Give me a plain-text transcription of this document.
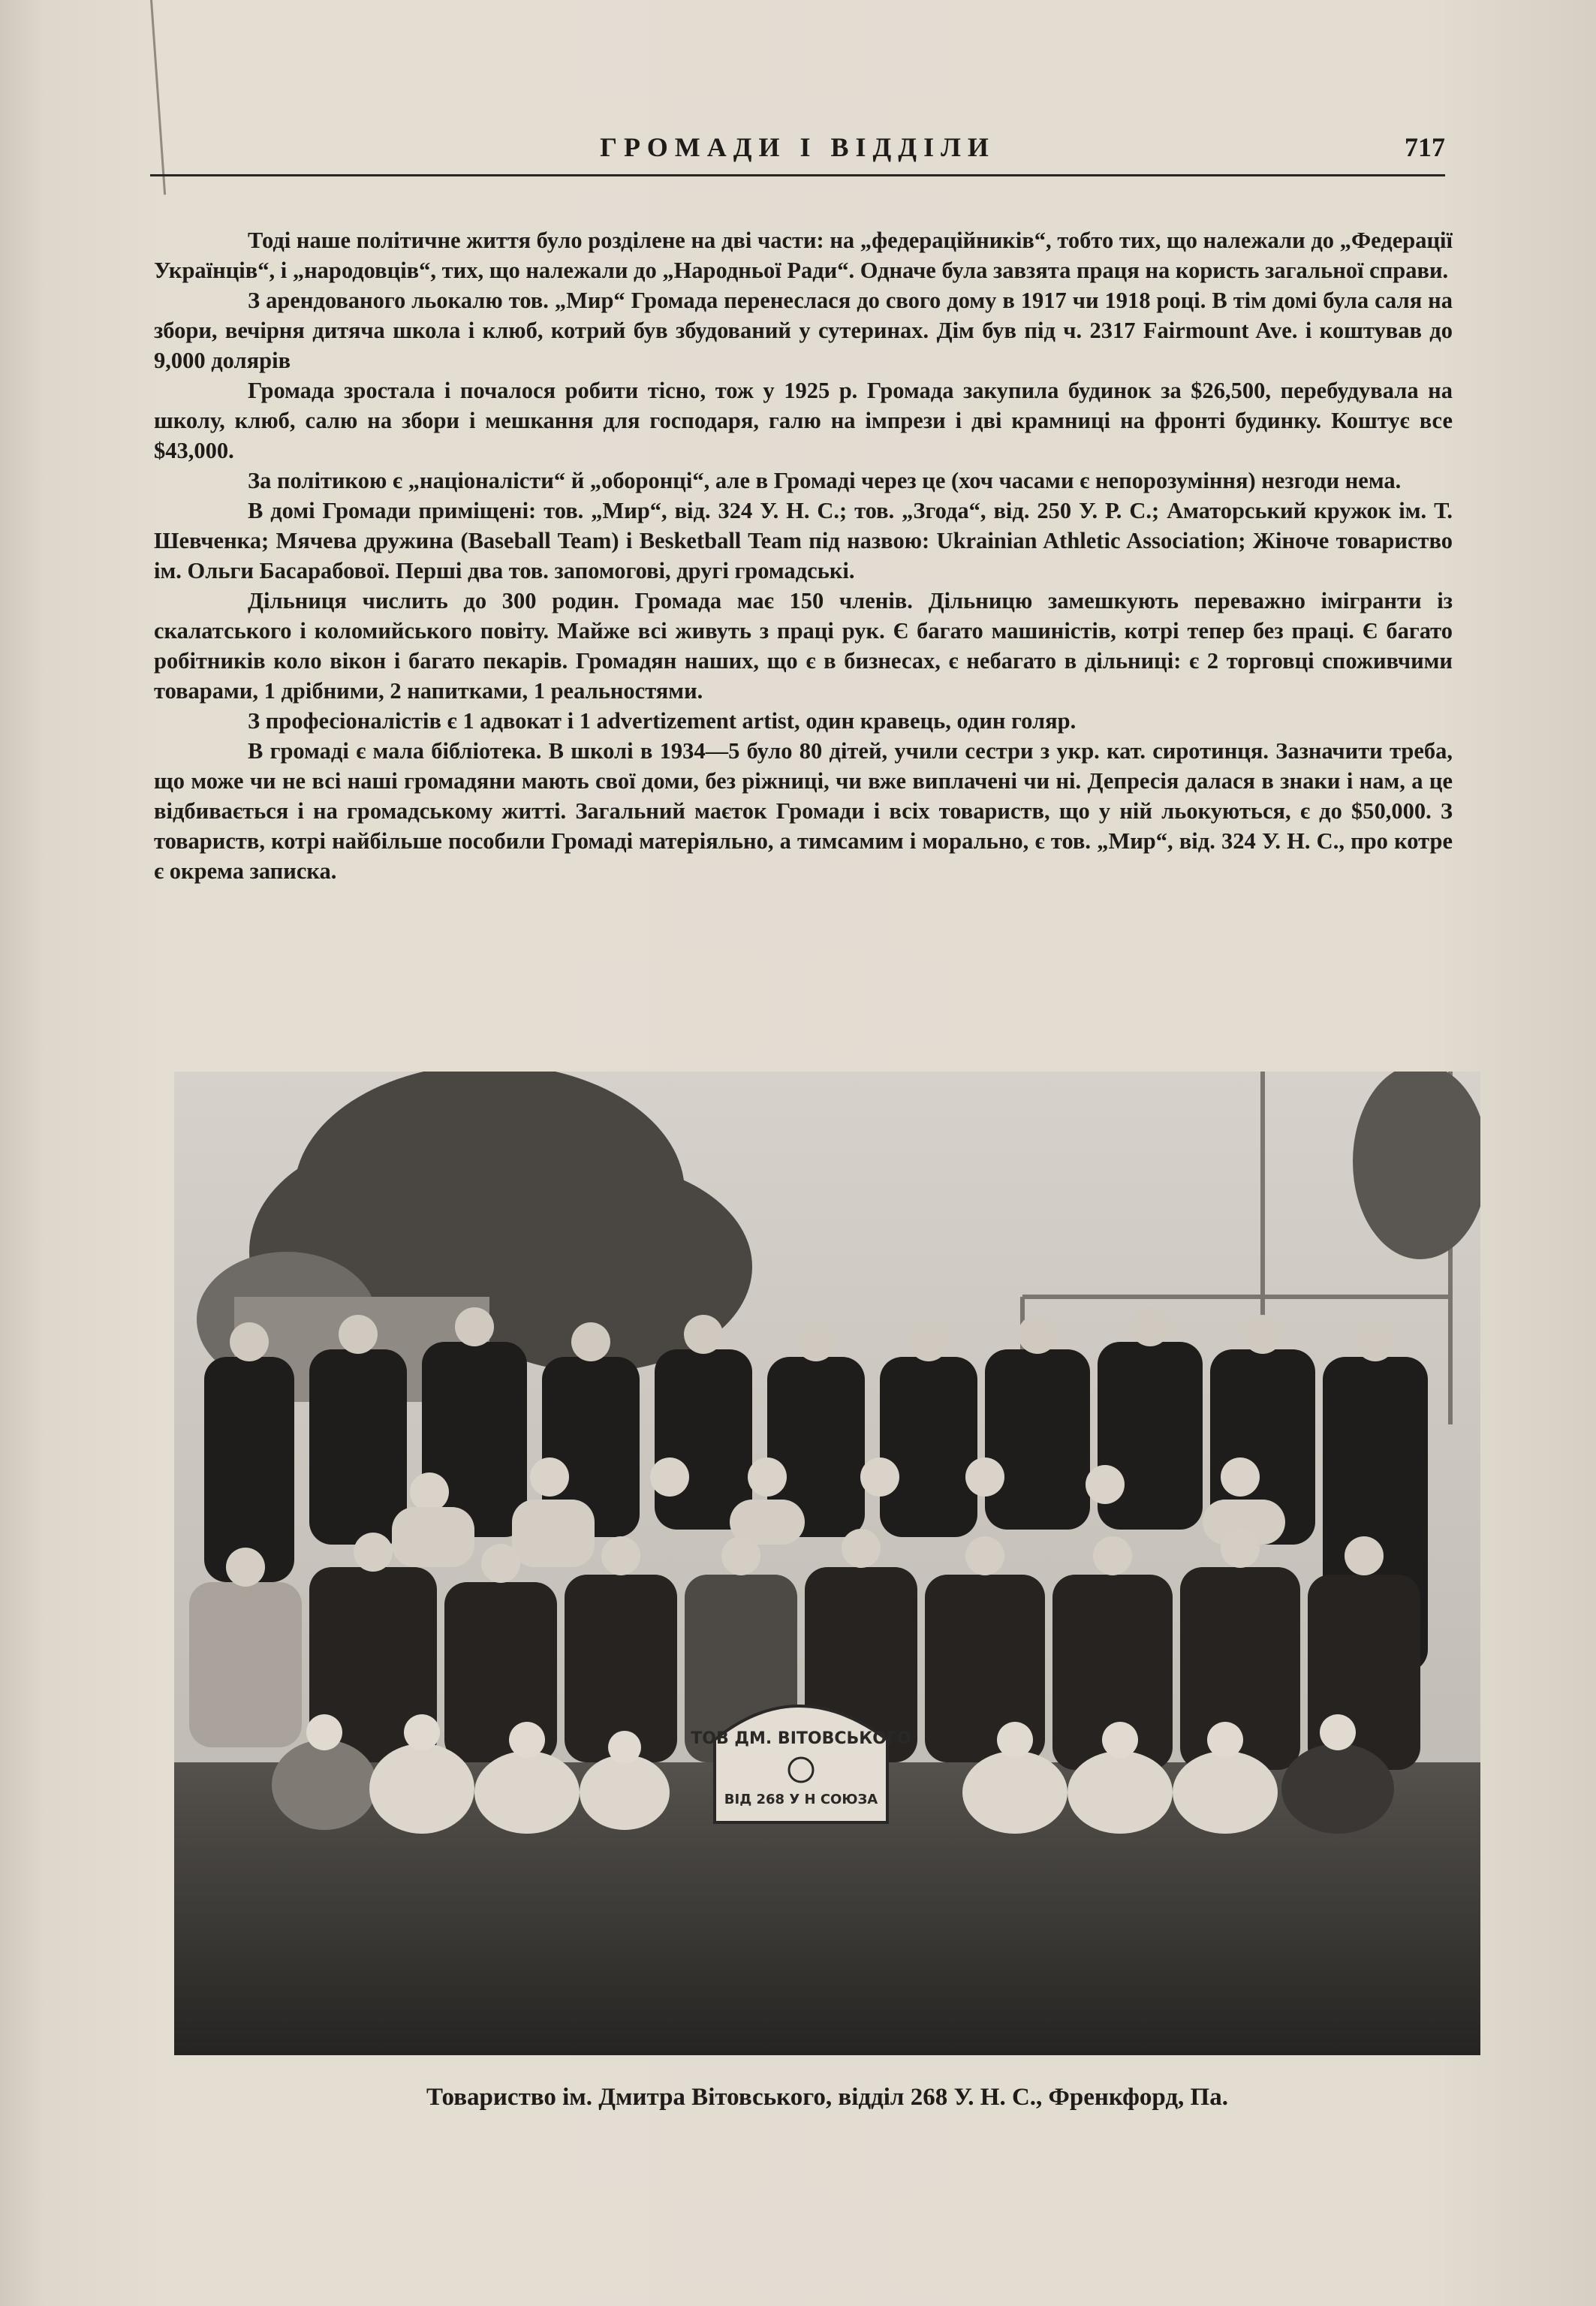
ГРОМАДИ І ВІДДІЛИ	717

Тоді наше політичне життя було розділене на дві части: на „федераційників“, тобто тих, що належали до „Федерації Українців“, і „народовців“, тих, що належали до „Народньої Ради“. Одначе була завзята праця на користь загальної справи.

З арендованого льокалю тов. „Мир“ Громада перенеслася до свого дому в 1917 чи 1918 році. В тім домі була саля на збори, вечірня дитяча школа і клюб, котрий був збудований у сутеринах. Дім був під ч. 2317 Fairmount Ave. і коштував до 9,000 долярів

Громада зростала і почалося робити тісно, тож у 1925 р. Громада закупила будинок за $26,500, перебудувала на школу, клюб, салю на збори і мешкання для господаря, галю на імпрези і дві крамниці на фронті будинку. Коштує все $43,000.

За політикою є „націоналісти“ й „оборонці“, але в Громаді через це (хоч часами є непорозуміння) незгоди нема.

В домі Громади приміщені: тов. „Мир“, від. 324 У. Н. С.; тов. „Згода“, від. 250 У. Р. С.; Аматорський кружок ім. Т. Шевченка; Мячева дружина (Baseball Team) і Besketball Team під назвою: Ukrainian Athletic Association; Жіноче товариство ім. Ольги Басарабової. Перші два тов. запомогові, другі громадські.

Дільниця числить до 300 родин. Громада має 150 членів. Дільницю замешкують переважно імігранти із скалатського і коломийського повіту. Майже всі живуть з праці рук. Є багато машиністів, котрі тепер без праці. Є багато робітників коло вікон і багато пекарів. Громадян наших, що є в бизнесах, є небагато в дільниці: є 2 торговці споживчими товарами, 1 дрібними, 2 напитками, 1 реальностями.

З професіоналістів є 1 адвокат і 1 advertizement artist, один кравець, один голяр.

В громаді є мала бібліотека. В школі в 1934—5 було 80 дітей, учили сестри з укр. кат. сиротинця. Зазначити треба, що може чи не всі наші громадяни мають свої доми, без ріжниці, чи вже виплачені чи ні. Депресія далася в знаки і нам, а це відбивається і на громадському житті. Загальний маєток Громади і всіх товариств, що у ній льокуються, є до $50,000. З товариств, котрі найбільше пособили Громаді матеріяльно, а тимсамим і морально, є тов. „Мир“, від. 324 У. Н. С., про котре є окрема записка.

ТОВ ДМ. ВІТОВСЬКОГО
ВІД 268 У Н СОЮЗА
Товариство ім. Дмитра Вітовського, відділ 268 У. Н. С., Френкфорд, Па.
